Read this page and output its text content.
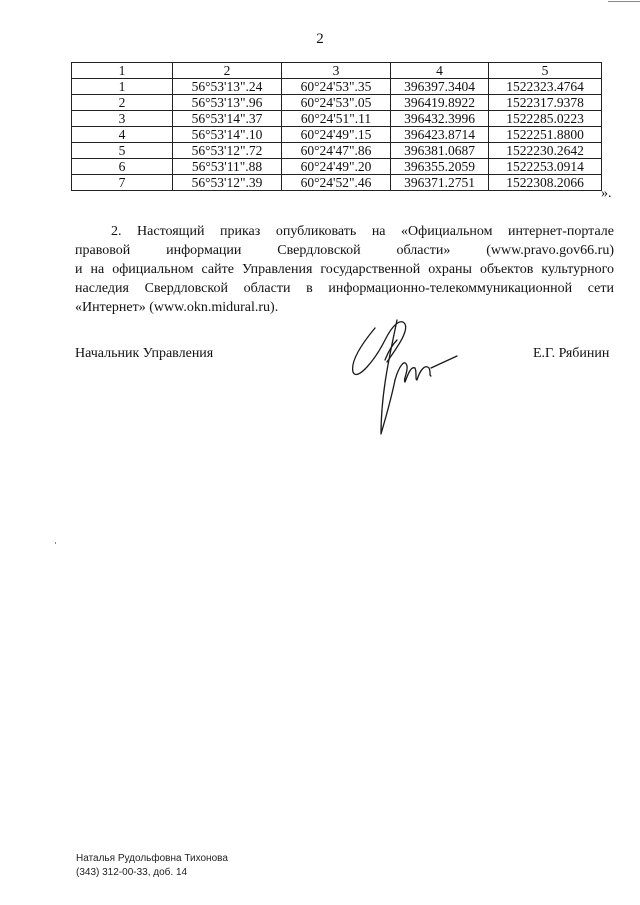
2
1	2	3	4	5
1	56°53'13".24	60°24'53".35	396397.3404	1522323.4764
2	56°53'13".96	60°24'53".05	396419.8922	1522317.9378
3	56°53'14".37	60°24'51".11	396432.3996	1522285.0223
4	56°53'14".10	60°24'49".15	396423.8714	1522251.8800
5	56°53'12".72	60°24'47".86	396381.0687	1522230.2642
6	56°53'11".88	60°24'49".20	396355.2059	1522253.0914
7	56°53'12".39	60°24'52".46	396371.2751	1522308.2066
».
2. Настоящий приказ опубликовать на «Официальном интернет-портале
правовой информации Свердловской области» (www.pravo.gov66.ru)
и на официальном сайте Управления государственной охраны объектов культурного
наследия Свердловской области в информационно-телекоммуникационной сети
«Интернет» (www.okn.midural.ru).
Начальник Управления	Е.Г. Рябинин
Наталья Рудольфовна Тихонова
(343) 312-00-33, доб. 14
